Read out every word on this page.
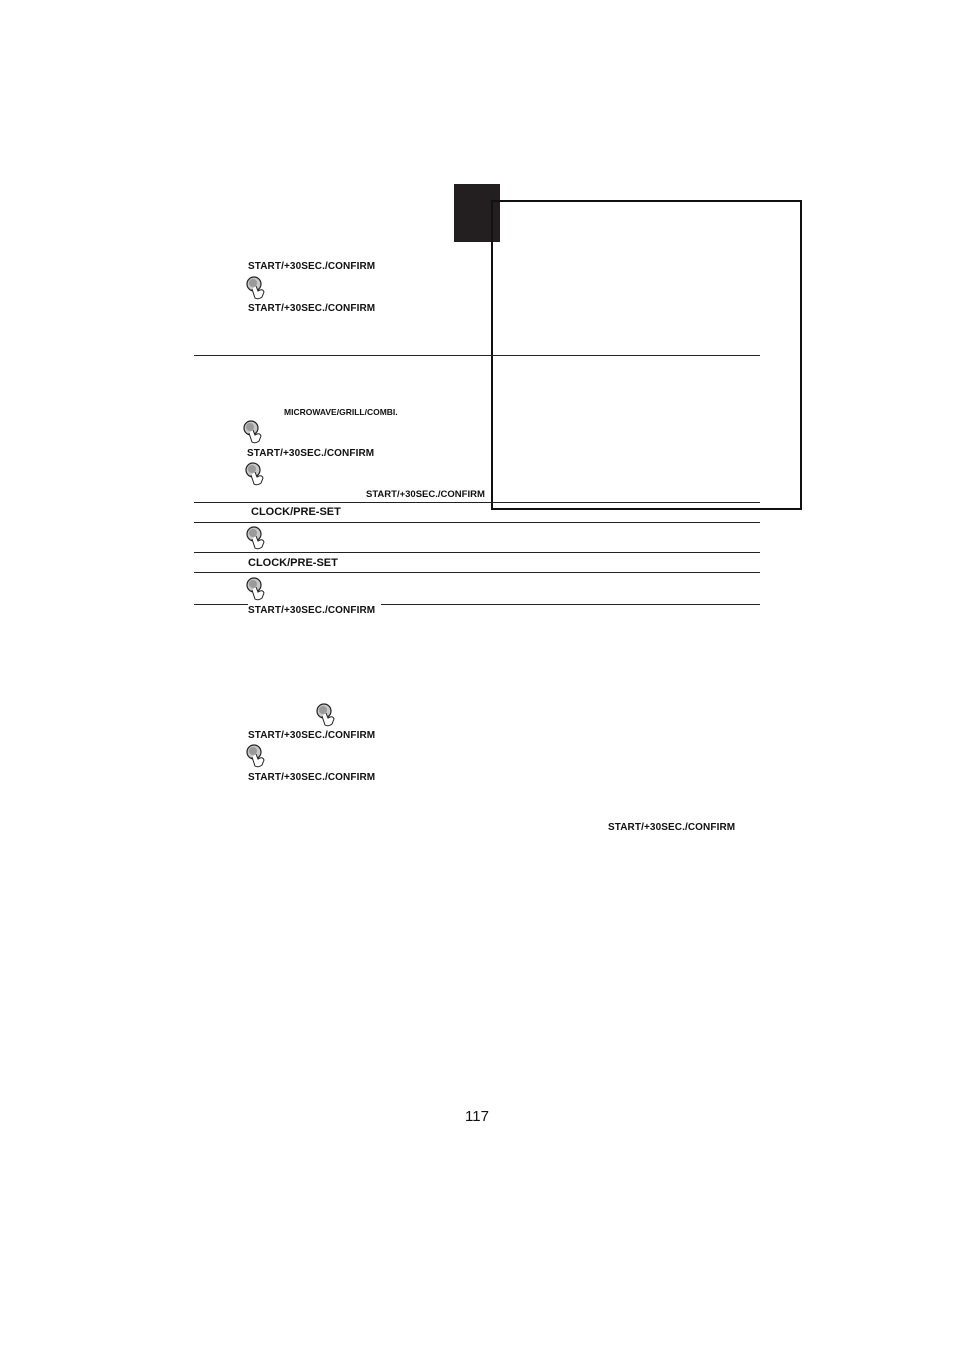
START/+30SEC./CONFIRM
START/+30SEC./CONFIRM
MICROWAVE/GRILL/COMBI.
START/+30SEC./CONFIRM
START/+30SEC./CONFIRM
CLOCK/PRE-SET
CLOCK/PRE-SET
START/+30SEC./CONFIRM
START/+30SEC./CONFIRM
START/+30SEC./CONFIRM
START/+30SEC./CONFIRM
117
